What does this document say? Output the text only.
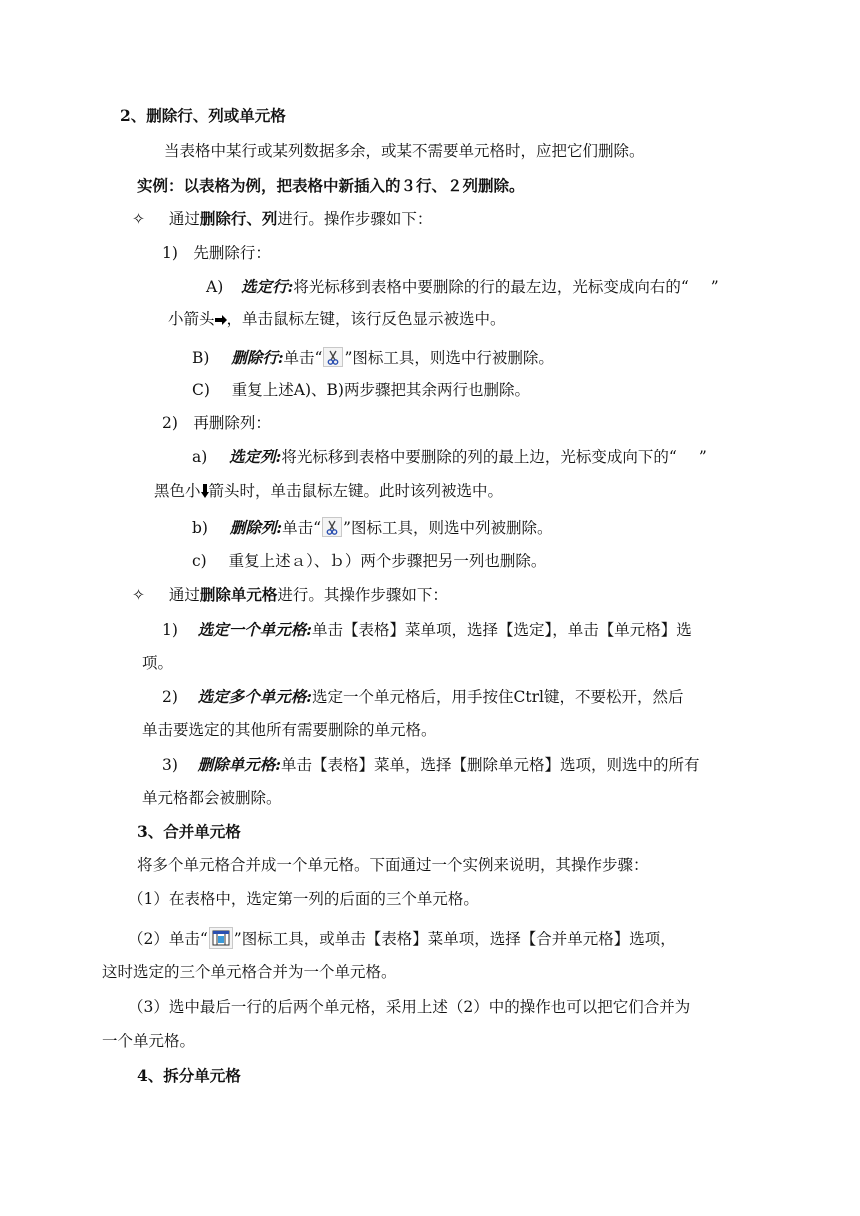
2、删除行、列或单元格
当表格中某行或某列数据多余，或某不需要单元格时，应把它们删除。
实例：以表格为例，把表格中新插入的３行、２列删除。
✧ 通过删除行、列进行。操作步骤如下：
1)　先删除行：
A) 选定行:将光标移到表格中要删除的行的最左边，光标变成向右的“ ”
小箭头 ，单击鼠标左键，该行反色显示被选中。
B) 删除行:单击“ ”图标工具，则选中行被删除。
C) 重复上述A)、B)两步骤把其余两行也删除。
2)　再删除列：
a) 选定列:将光标移到表格中要删除的列的最上边，光标变成向下的“ ”
黑色小 箭头时，单击鼠标左键。此时该列被选中。
b) 删除列:单击“ ”图标工具，则选中列被删除。
c) 重复上述ａ）、ｂ）两个步骤把另一列也删除。
✧ 通过删除单元格进行。其操作步骤如下：
1) 选定一个单元格:单击【表格】菜单项，选择【选定】，单击【单元格】选
项。
2) 选定多个单元格:选定一个单元格后，用手按住Ctrl键，不要松开，然后
单击要选定的其他所有需要删除的单元格。
3) 删除单元格:单击【表格】菜单，选择【删除单元格】选项，则选中的所有
单元格都会被删除。
3、合并单元格
将多个单元格合并成一个单元格。下面通过一个实例来说明，其操作步骤：
（1）在表格中，选定第一列的后面的三个单元格。
（2）单击“ ”图标工具，或单击【表格】菜单项，选择【合并单元格】选项，
这时选定的三个单元格合并为一个单元格。
（3）选中最后一行的后两个单元格，采用上述（2）中的操作也可以把它们合并为
一个单元格。
4、拆分单元格
